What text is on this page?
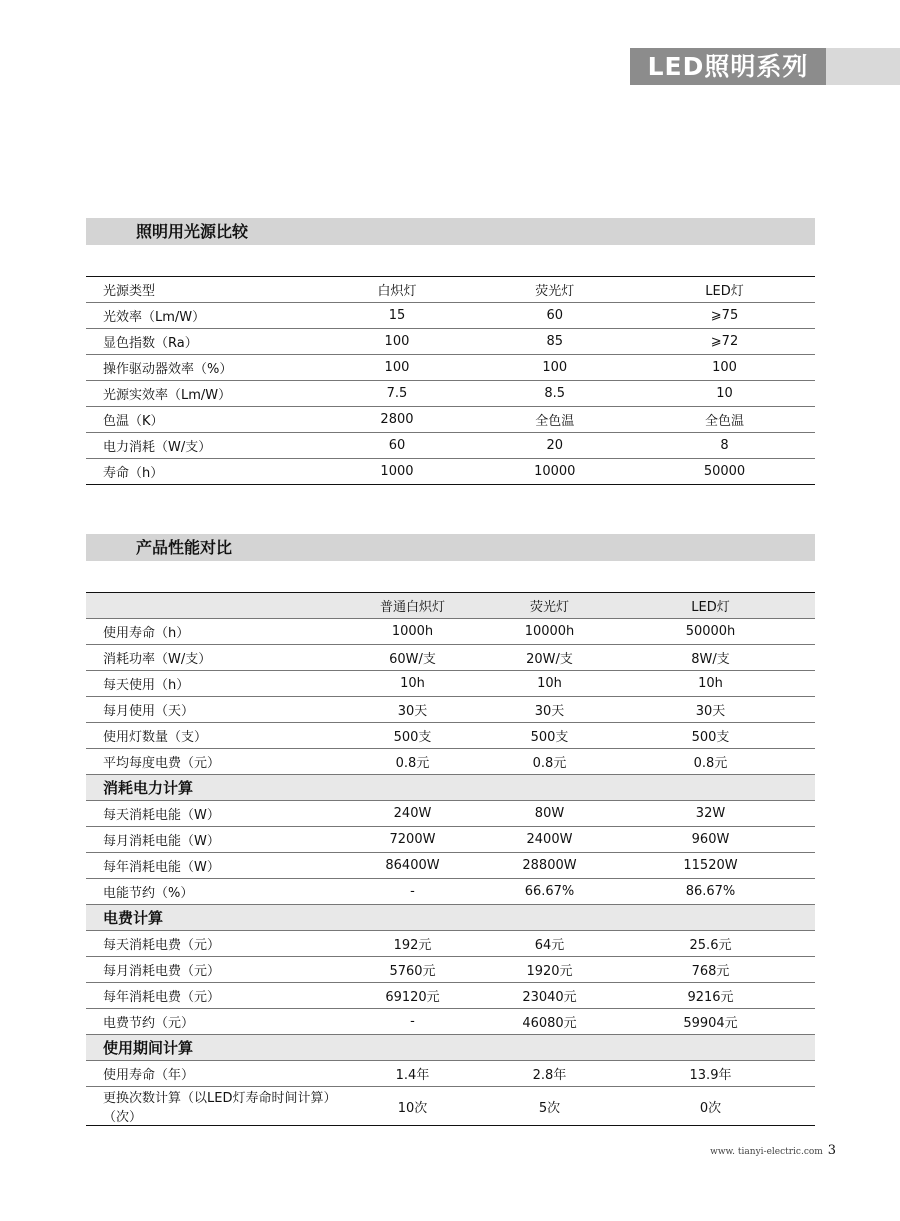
LED照明系列
照明用光源比较
光源类型	白炽灯	荧光灯	LED灯
光效率（Lm/W）	15	60	⩾75
显色指数（Ra）	100	85	⩾72
操作驱动器效率（%）	100	100	100
光源实效率（Lm/W）	7.5	8.5	10
色温（K）	2800	全色温	全色温
电力消耗（W/支）	60	20	8
寿命（h）	1000	10000	50000
产品性能对比
	普通白炽灯	荧光灯	LED灯
使用寿命（h）	1000h	10000h	50000h
消耗功率（W/支）	60W/支	20W/支	8W/支
每天使用（h）	10h	10h	10h
每月使用（天）	30天	30天	30天
使用灯数量（支）	500支	500支	500支
平均每度电费（元）	0.8元	0.8元	0.8元
消耗电力计算			
每天消耗电能（W）	240W	80W	32W
每月消耗电能（W）	7200W	2400W	960W
每年消耗电能（W）	86400W	28800W	11520W
电能节约（%）	-	66.67%	86.67%
电费计算			
每天消耗电费（元）	192元	64元	25.6元
每月消耗电费（元）	5760元	1920元	768元
每年消耗电费（元）	69120元	23040元	9216元
电费节约（元）	-	46080元	59904元
使用期间计算			
使用寿命（年）	1.4年	2.8年	13.9年
更换次数计算（以LED灯寿命时间计算）（次）	10次	5次	0次
www. tianyi-electric.com 3
